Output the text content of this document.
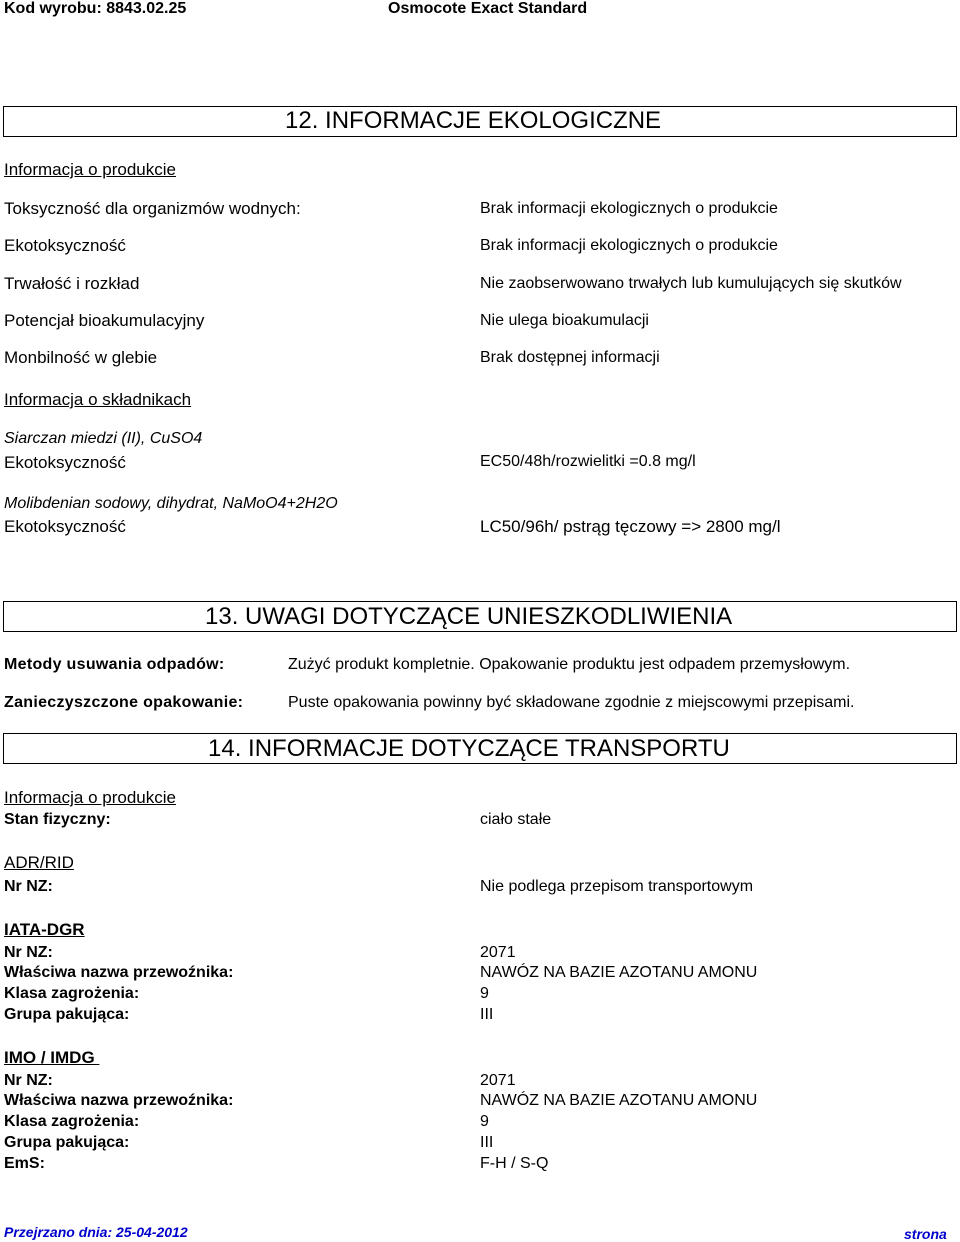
Kod wyrobu: 8843.02.25	Osmocote Exact Standard
12. INFORMACJE EKOLOGICZNE
Informacja o produkcie
Toksyczność dla organizmów wodnych:	Brak informacji ekologicznych o produkcie
Ekotoksyczność	Brak informacji ekologicznych o produkcie
Trwałość i rozkład	Nie zaobserwowano trwałych lub kumulujących się skutków
Potencjał bioakumulacyjny	Nie ulega bioakumulacji
Monbilność w glebie	Brak dostępnej informacji
Informacja o składnikach
Siarczan miedzi (II), CuSO4
Ekotoksyczność	EC50/48h/rozwielitki =0.8 mg/l
Molibdenian sodowy, dihydrat, NaMoO4+2H2O
Ekotoksyczność	LC50/96h/ pstrąg tęczowy => 2800 mg/l
13. UWAGI DOTYCZĄCE UNIESZKODLIWIENIA
Metody usuwania odpadów:	Zużyć produkt kompletnie. Opakowanie produktu jest odpadem przemysłowym.
Zanieczyszczone opakowanie:	Puste opakowania powinny być składowane zgodnie z miejscowymi przepisami.
14. INFORMACJE DOTYCZĄCE TRANSPORTU
Informacja o produkcie
Stan fizyczny:	ciało stałe
ADR/RID
Nr NZ:	Nie podlega przepisom transportowym
IATA-DGR
Nr NZ:	2071
Właściwa nazwa przewoźnika:	NAWÓZ NA BAZIE AZOTANU AMONU
Klasa zagrożenia:	9
Grupa pakująca:	III
IMO / IMDG
Nr NZ:	2071
Właściwa nazwa przewoźnika:	NAWÓZ NA BAZIE AZOTANU AMONU
Klasa zagrożenia:	9
Grupa pakująca:	III
EmS:	F-H / S-Q
Przejrzano dnia: 25-04-2012	strona
